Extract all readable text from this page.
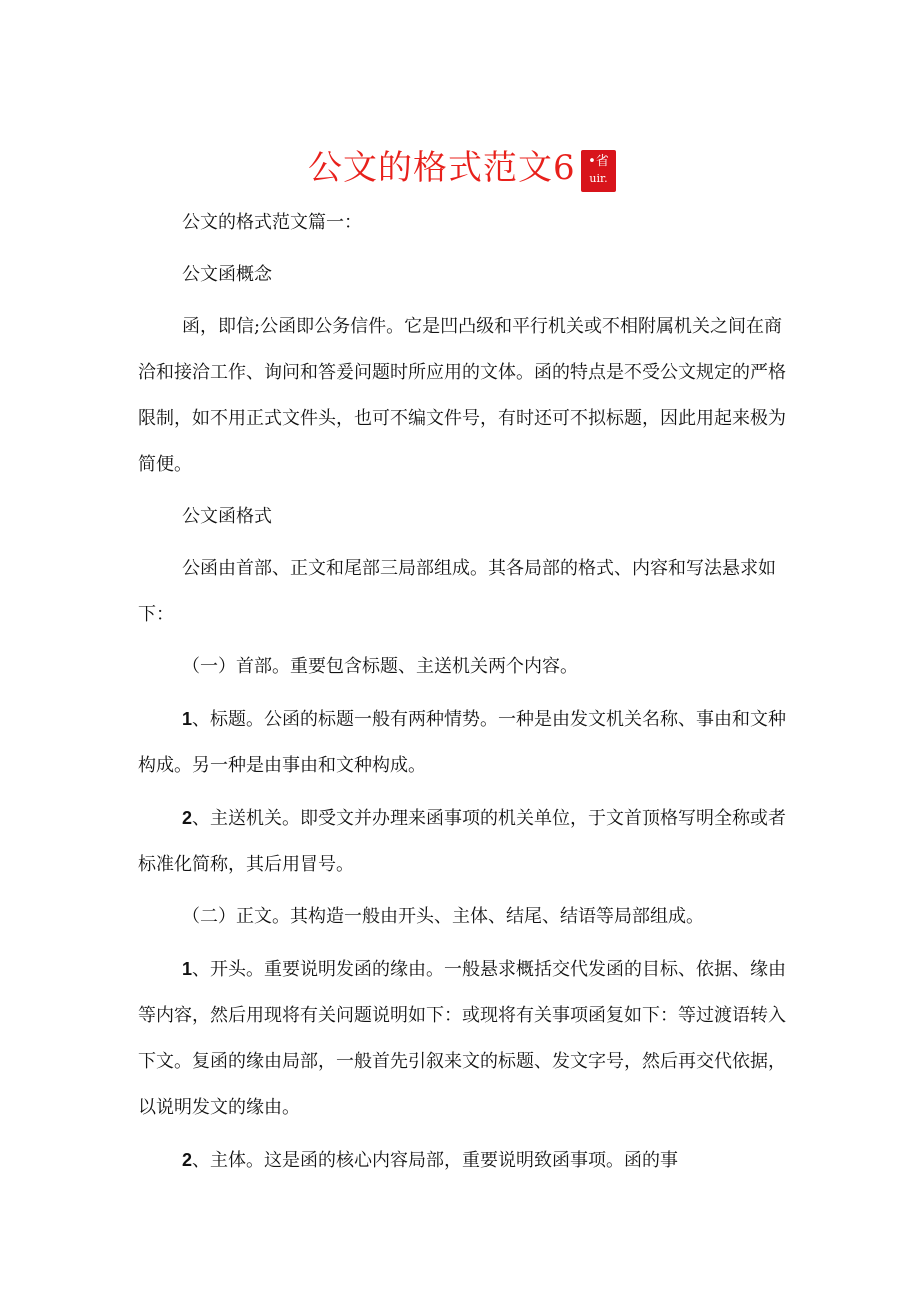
公文的格式范文6 •省
uir.

公文的格式范文篇一：

公文函概念

函，即信;公函即公务信件。它是凹凸级和平行机关或不相附属机关之间在商洽和接洽工作、询问和答爰问题时所应用的文体。函的特点是不受公文规定的严格限制，如不用正式文件头，也可不编文件号，有时还可不拟标题，因此用起来极为简便。

公文函格式

公函由首部、正文和尾部三局部组成。其各局部的格式、内容和写法悬求如下：

（一）首部。重要包含标题、主送机关两个内容。

1、标题。公函的标题一般有两种情势。一种是由发文机关名称、事由和文种构成。另一种是由事由和文种构成。

2、主送机关。即受文并办理来函事项的机关单位，于文首顶格写明全称或者标准化简称，其后用冒号。

（二）正文。其构造一般由开头、主体、结尾、结语等局部组成。

1、开头。重要说明发函的缘由。一般悬求概括交代发函的目标、依据、缘由等内容，然后用现将有关问题说明如下：或现将有关事项函复如下：等过渡语转入下文。复函的缘由局部，一般首先引叙来文的标题、发文字号，然后再交代依据，以说明发文的缘由。

2、主体。这是函的核心内容局部，重要说明致函事项。函的事
